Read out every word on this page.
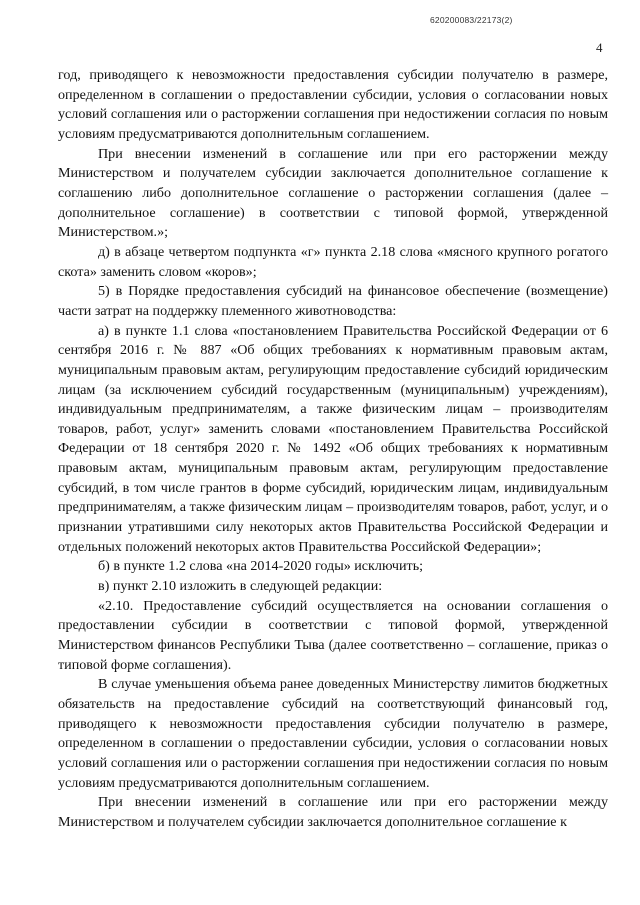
620200083/22173(2)
4

год, приводящего к невозможности предоставления субсидии получателю в размере, определенном в соглашении о предоставлении субсидии, условия о согласовании новых условий соглашения или о расторжении соглашения при недостижении согласия по новым условиям предусматриваются дополнительным соглашением.

При внесении изменений в соглашение или при его расторжении между Министерством и получателем субсидии заключается дополнительное соглашение к соглашению либо дополнительное соглашение о расторжении соглашения (далее – дополнительное соглашение) в соответствии с типовой формой, утвержденной Министерством.»;

д) в абзаце четвертом подпункта «г» пункта 2.18 слова «мясного крупного рогатого скота» заменить словом «коров»;

5) в Порядке предоставления субсидий на финансовое обеспечение (возмещение) части затрат на поддержку племенного животноводства:

а) в пункте 1.1 слова «постановлением Правительства Российской Федерации от 6 сентября 2016 г. № 887 «Об общих требованиях к нормативным правовым актам, муниципальным правовым актам, регулирующим предоставление субсидий юридическим лицам (за исключением субсидий государственным (муниципальным) учреждениям), индивидуальным предпринимателям, а также физическим лицам – производителям товаров, работ, услуг» заменить словами «постановлением Правительства Российской Федерации от 18 сентября 2020 г. № 1492 «Об общих требованиях к нормативным правовым актам, муниципальным правовым актам, регулирующим предоставление субсидий, в том числе грантов в форме субсидий, юридическим лицам, индивидуальным предпринимателям, а также физическим лицам – производителям товаров, работ, услуг, и о признании утратившими силу некоторых актов Правительства Российской Федерации и отдельных положений некоторых актов Правительства Российской Федерации»;

б) в пункте 1.2 слова «на 2014-2020 годы» исключить;

в) пункт 2.10 изложить в следующей редакции:

«2.10. Предоставление субсидий осуществляется на основании соглашения о предоставлении субсидии в соответствии с типовой формой, утвержденной Министерством финансов Республики Тыва (далее соответственно – соглашение, приказ о типовой форме соглашения).

В случае уменьшения объема ранее доведенных Министерству лимитов бюджетных обязательств на предоставление субсидий на соответствующий финансовый год, приводящего к невозможности предоставления субсидии получателю в размере, определенном в соглашении о предоставлении субсидии, условия о согласовании новых условий соглашения или о расторжении соглашения при недостижении согласия по новым условиям предусматриваются дополнительным соглашением.

При внесении изменений в соглашение или при его расторжении между Министерством и получателем субсидии заключается дополнительное соглашение к
